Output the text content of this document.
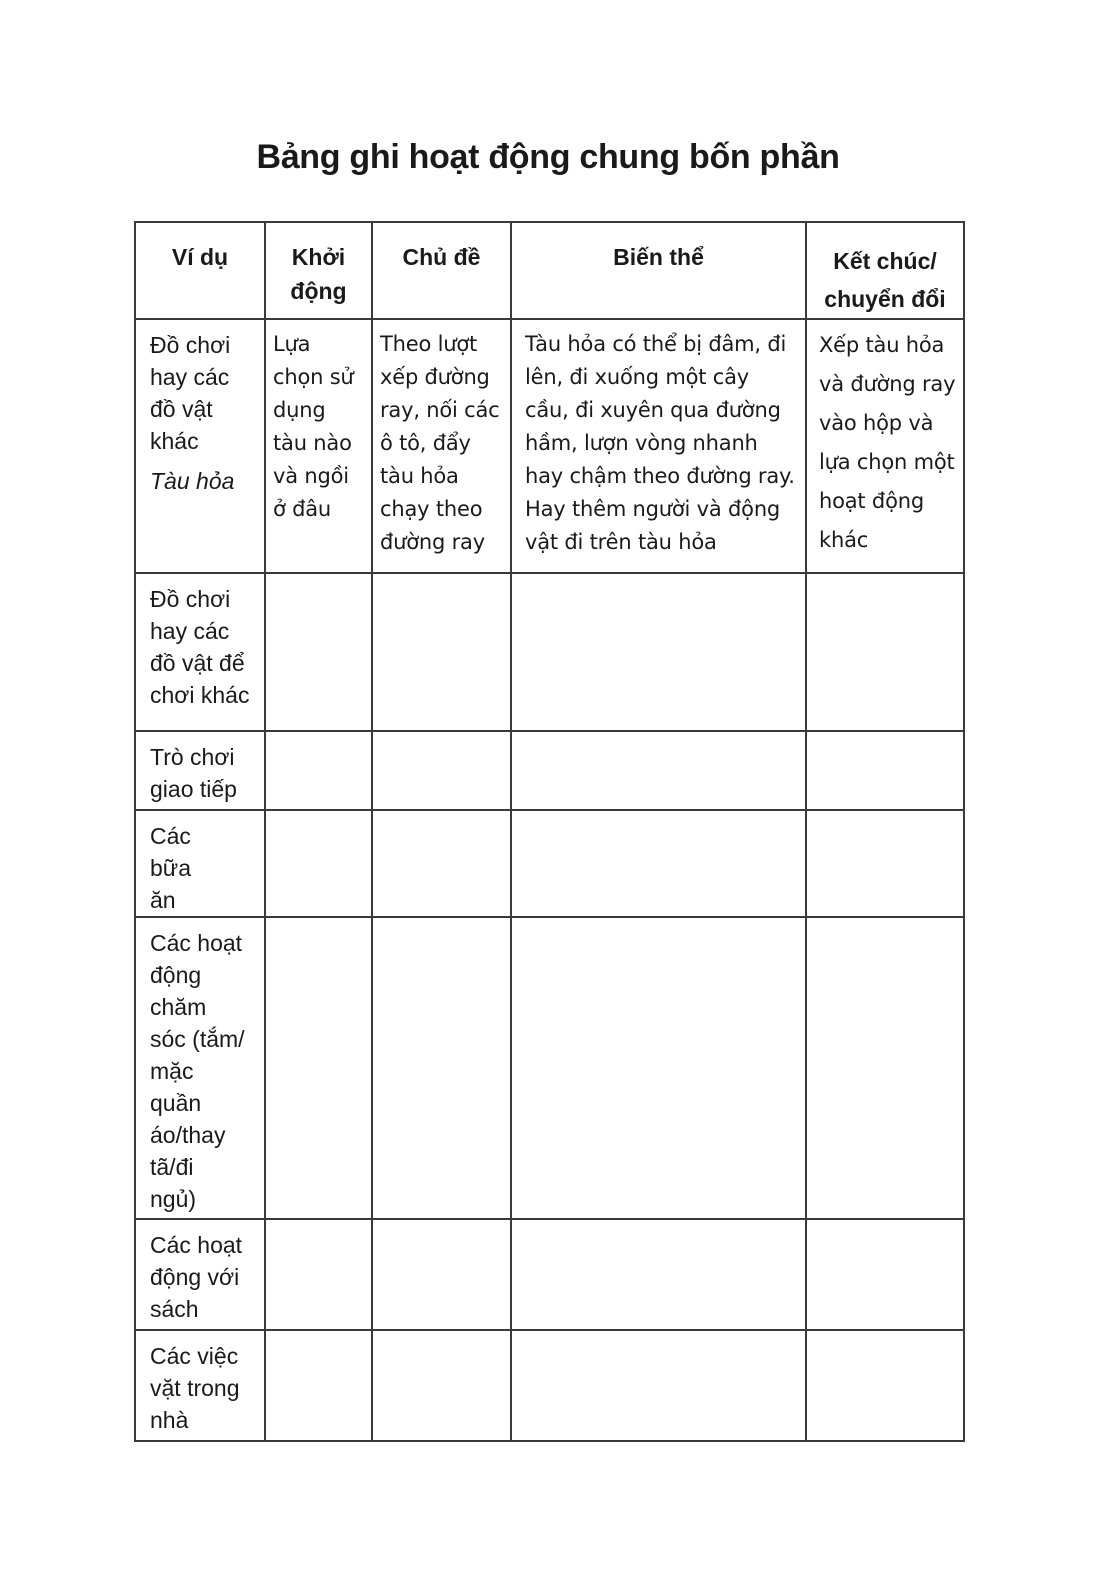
Bảng ghi hoạt động chung bốn phần
Ví dụ	Khởi động	Chủ đề	Biến thể	Kết chúc/ chuyển đổi

Đồ chơi hay các đồ vật khác
Tàu hỏa	Lựa chọn sử dụng tàu nào và ngồi ở đâu	Theo lượt xếp đường ray, nối các ô tô, đẩy tàu hỏa chạy theo đường ray	Tàu hỏa có thể bị đâm, đi lên, đi xuống một cây cầu, đi xuyên qua đường hầm, lượn vòng nhanh hay chậm theo đường ray. Hay thêm người và động vật đi trên tàu hỏa	Xếp tàu hỏa và đường ray vào hộp và lựa chọn một hoạt động khác

Đồ chơi hay các đồ vật để chơi khác				

Trò chơi giao tiếp				

Các bữa ăn				

Các hoạt động chăm sóc (tắm/ mặc quần áo/thay tã/đi ngủ)				

Các hoạt động với sách				

Các việc vặt trong nhà				
